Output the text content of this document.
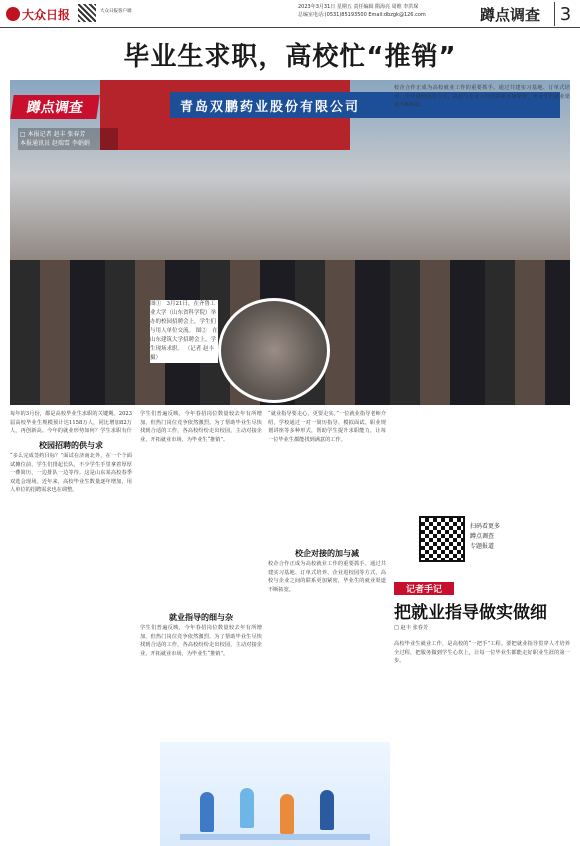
大众日报	大众日报客户端
2023年3月31日 星期五 责任编辑 隋海亮 周维 李洪琛
总编室电话:(0531)85193500 Email:dbzgk@126.com	蹲点调查	3
毕业生求职，高校忙“推销”
青岛双鹏药业股份有限公司
蹲点调查
□ 本报记者 赵丰 张春芳
本报通讯员 赵瑞雪 李娟娟
图①　3月21日，在齐鲁工业大学（山东省科学院）举办的校园招聘会上，学生们与用人单位交流。 图②　在山东建筑大学招聘会上，学生现场求职。 （记者 赵丰 摄）
每年的3月份，都是高校毕业生求职的关键期。2023届高校毕业生规模预计达1158万人，同比增加82万人，再创新高。今年的就业形势如何？学生求职有什
校园招聘的供与求
“多么完成签约目标？”面试在济南北外，在一个个面试摊位前，学生们排起长队，不少学生手里拿着厚厚一叠简历，一边排队一边等待。这是山东某高校春季双选会现场。近年来，高校毕业生数量逐年增加，用人单位的招聘需求也在调整。
学生们普遍反映，今年春招岗位数量较去年有所增加，但热门岗位竞争依然激烈。为了帮助毕业生尽快找到合适的工作，各高校纷纷走出校园，主动对接企业，开拓就业市场，为毕业生“推销”。
就业指导的细与杂
学生们普遍反映，今年春招岗位数量较去年有所增加，但热门岗位竞争依然激烈。为了帮助毕业生尽快找到合适的工作，各高校纷纷走出校园，主动对接企业，开拓就业市场，为毕业生“推销”。
“就业指导要走心，更要走实。”一位就业指导老师介绍，学校通过一对一简历指导、模拟面试、职业规划讲座等多种形式，帮助学生提升求职能力，让每一位毕业生都能找到满意的工作。
校企对接的加与减
校企合作正成为高校就业工作的重要抓手。通过共建实习基地、订单式培养、企业进校园等方式，高校与企业之间的联系更加紧密，毕业生的就业渠道不断拓宽。
校企合作正成为高校就业工作的重要抓手。通过共建实习基地、订单式培养、企业进校园等方式，高校与企业之间的联系更加紧密，毕业生的就业渠道不断拓宽。
扫码看更多
蹲点调查
专题报道
记者手记
把就业指导做实做细
□ 赵丰 张春芳
高校毕业生就业工作，是高校的“一把手”工程。要把就业指导贯穿人才培养全过程，把服务做到学生心坎上，让每一位毕业生都能走好职业生涯的第一步。
